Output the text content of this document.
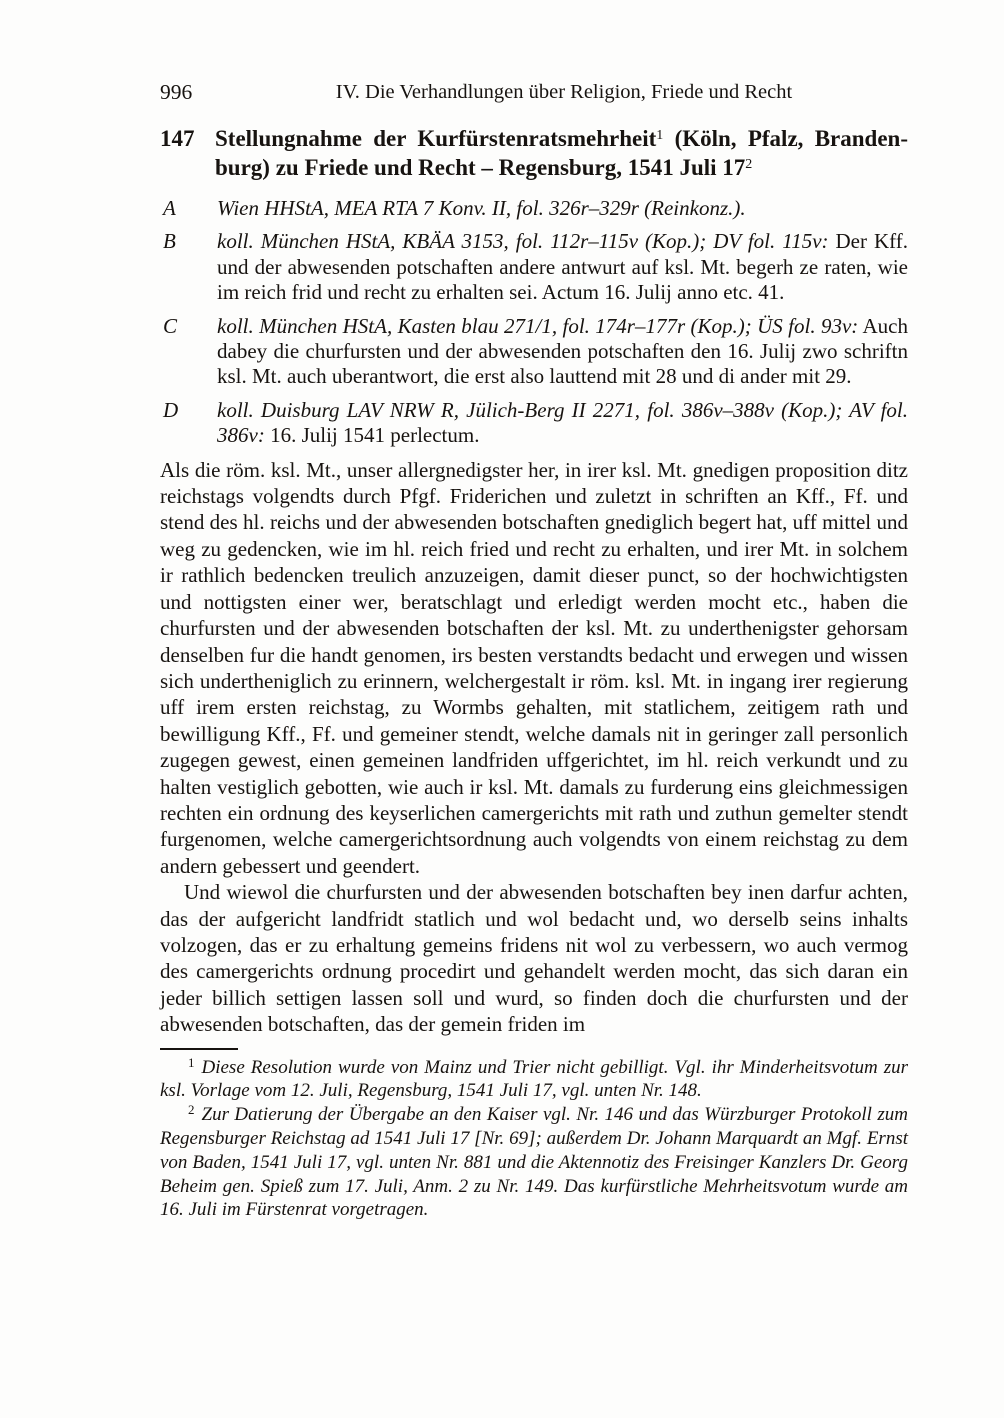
996	IV. Die Verhandlungen über Religion, Friede und Recht
147 Stellungnahme der Kurfürstenratsmehrheit$^1$ (Köln, Pfalz, Branden-
burg) zu Friede und Recht – Regensburg, 1541 Juli 17$^2$
A Wien HHStA, MEA RTA 7 Konv. II, fol. 326r–329r (Reinkonz.).
B koll. München HStA, KBÄA 3153, fol. 112r–115v (Kop.); DV fol. 115v: Der Kff. und der abwesenden potschaften andere antwurt auf ksl. Mt. begerh ze raten, wie im reich frid und recht zu erhalten sei. Actum 16. Julij anno etc. 41.
C koll. München HStA, Kasten blau 271/1, fol. 174r–177r (Kop.); ÜS fol. 93v: Auch dabey die churfursten und der abwesenden potschaften den 16. Julij zwo schriftn ksl. Mt. auch uberantwort, die erst also lauttend mit 28 und di ander mit 29.
D koll. Duisburg LAV NRW R, Jülich-Berg II 2271, fol. 386v–388v (Kop.); AV fol. 386v: 16. Julij 1541 perlectum.

Als die röm. ksl. Mt., unser allergnedigster her, in irer ksl. Mt. gnedigen proposition ditz reichstags volgendts durch Pfgf. Friderichen und zuletzt in schriften an Kff., Ff. und stend des hl. reichs und der abwesenden botschaften gnediglich begert hat, uff mittel und weg zu gedencken, wie im hl. reich fried und recht zu erhalten, und irer Mt. in solchem ir rathlich bedencken treulich anzuzeigen, damit dieser punct, so der hochwichtigsten und nottigsten einer wer, beratschlagt und erledigt werden mocht etc., haben die churfursten und der abwesenden botschaften der ksl. Mt. zu underthenigster gehorsam denselben fur die handt genomen, irs besten verstandts bedacht und erwegen und wissen sich undertheniglich zu erinnern, welchergestalt ir röm. ksl. Mt. in ingang irer regierung uff irem ersten reichstag, zu Wormbs gehalten, mit statlichem, zeitigem rath und bewilligung Kff., Ff. und gemeiner stendt, welche damals nit in geringer zall personlich zugegen gewest, einen gemeinen landfriden uffgerichtet, im hl. reich verkundt und zu halten vestiglich gebotten, wie auch ir ksl. Mt. damals zu furderung eins gleichmessigen rechten ein ordnung des keyserlichen camergerichts mit rath und zuthun gemelter stendt furgenomen, welche camergerichtsordnung auch volgendts von einem reichstag zu dem andern gebessert und geendert.

Und wiewol die churfursten und der abwesenden botschaften bey inen darfur achten, das der aufgericht landfridt statlich und wol bedacht und, wo derselb seins inhalts volzogen, das er zu erhaltung gemeins fridens nit wol zu verbessern, wo auch vermog des camergerichts ordnung procedirt und gehandelt werden mocht, das sich daran ein jeder billich settigen lassen soll und wurd, so finden doch die churfursten und der abwesenden botschaften, das der gemein friden im

$^1$ Diese Resolution wurde von Mainz und Trier nicht gebilligt. Vgl. ihr Minderheitsvotum zur ksl. Vorlage vom 12. Juli, Regensburg, 1541 Juli 17, vgl. unten Nr. 148.

$^2$ Zur Datierung der Übergabe an den Kaiser vgl. Nr. 146 und das Würzburger Protokoll zum Regensburger Reichstag ad 1541 Juli 17 [Nr. 69]; außerdem Dr. Johann Marquardt an Mgf. Ernst von Baden, 1541 Juli 17, vgl. unten Nr. 881 und die Aktennotiz des Freisinger Kanzlers Dr. Georg Beheim gen. Spieß zum 17. Juli, Anm. 2 zu Nr. 149. Das kurfürstliche Mehrheitsvotum wurde am 16. Juli im Fürstenrat vorgetragen.
